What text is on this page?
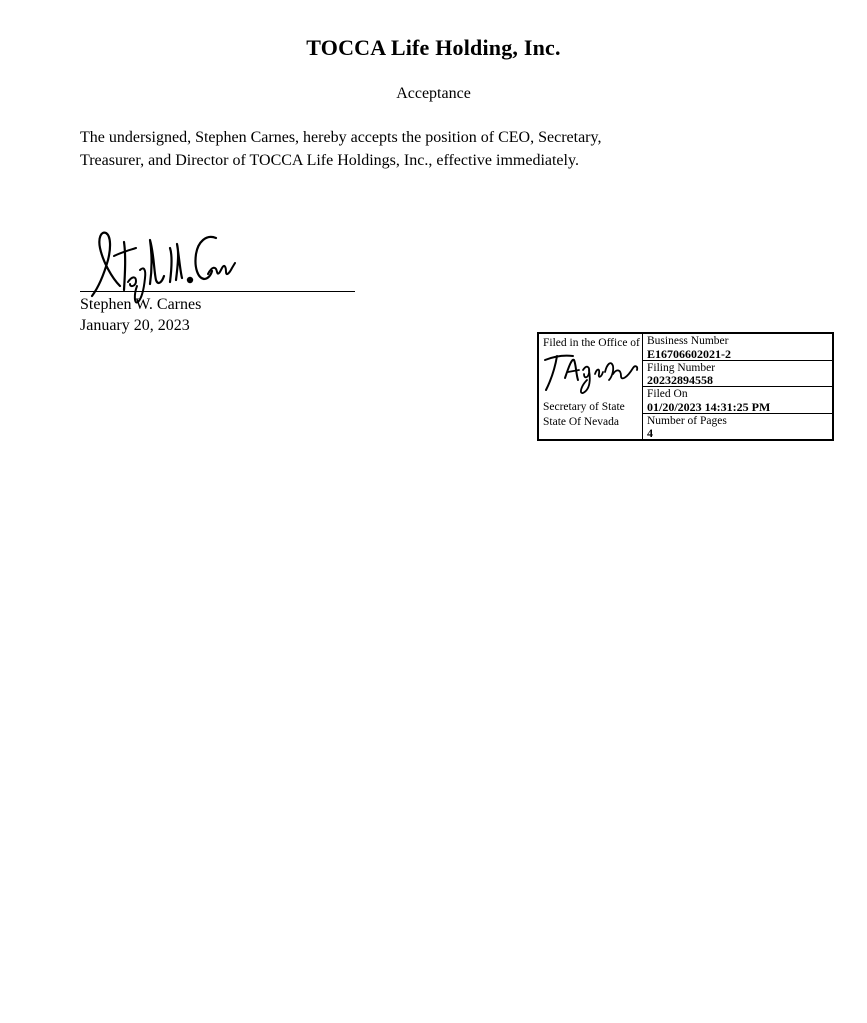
TOCCA Life Holding, Inc.
Acceptance
The undersigned, Stephen Carnes, hereby accepts the position of CEO, Secretary,
Treasurer, and Director of TOCCA Life Holdings, Inc., effective immediately.
Stephen W. Carnes
January 20, 2023
Filed in the Office of
Secretary of State
State Of Nevada
Business Number
E16706602021-2
Filing Number
20232894558
Filed On
01/20/2023 14:31:25 PM
Number of Pages
4
